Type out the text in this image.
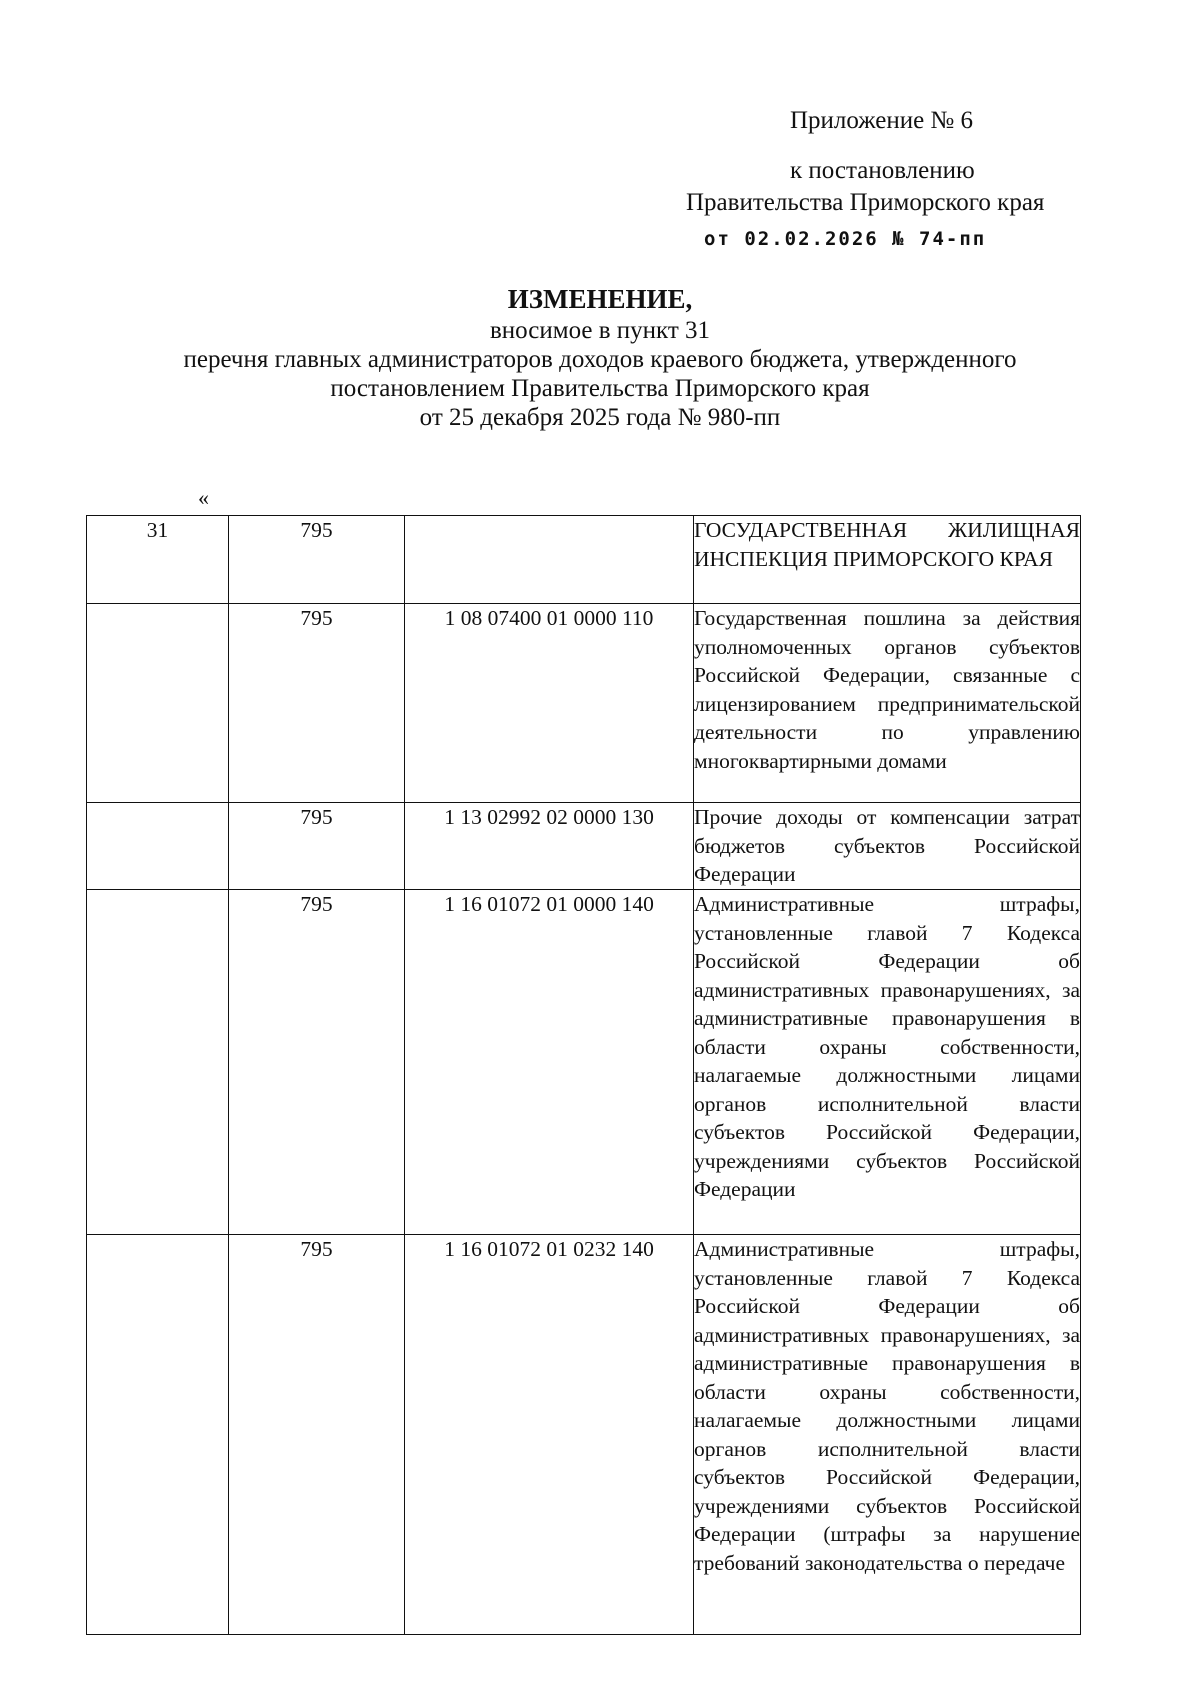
Приложение № 6
к постановлению
Правительства Приморского края
от 02.02.2026 № 74-пп
ИЗМЕНЕНИЕ,
вносимое в пункт 31
перечня главных администраторов доходов краевого бюджета, утвержденного
постановлением Правительства Приморского края
от 25 декабря 2025 года № 980-пп
«
31	795		ГОСУДАРСТВЕННАЯ ЖИЛИЩНАЯ ИНСПЕКЦИЯ ПРИМОРСКОГО КРАЯ
	795	1 08 07400 01 0000 110	Государственная пошлина за действия уполномоченных органов субъектов Российской Федерации, связанные с лицензированием предпринимательской деятельности по управлению многоквартирными домами
	795	1 13 02992 02 0000 130	Прочие доходы от компенсации затрат бюджетов субъектов Российской Федерации
	795	1 16 01072 01 0000 140	Административные штрафы, установленные главой 7 Кодекса Российской Федерации об административных правонарушениях, за административные правонарушения в области охраны собственности, налагаемые должностными лицами органов исполнительной власти субъектов Российской Федерации, учреждениями субъектов Российской Федерации
	795	1 16 01072 01 0232 140	Административные штрафы, установленные главой 7 Кодекса Российской Федерации об административных правонарушениях, за административные правонарушения в области охраны собственности, налагаемые должностными лицами органов исполнительной власти субъектов Российской Федерации, учреждениями субъектов Российской Федерации (штрафы за нарушение требований законодательства о передаче
